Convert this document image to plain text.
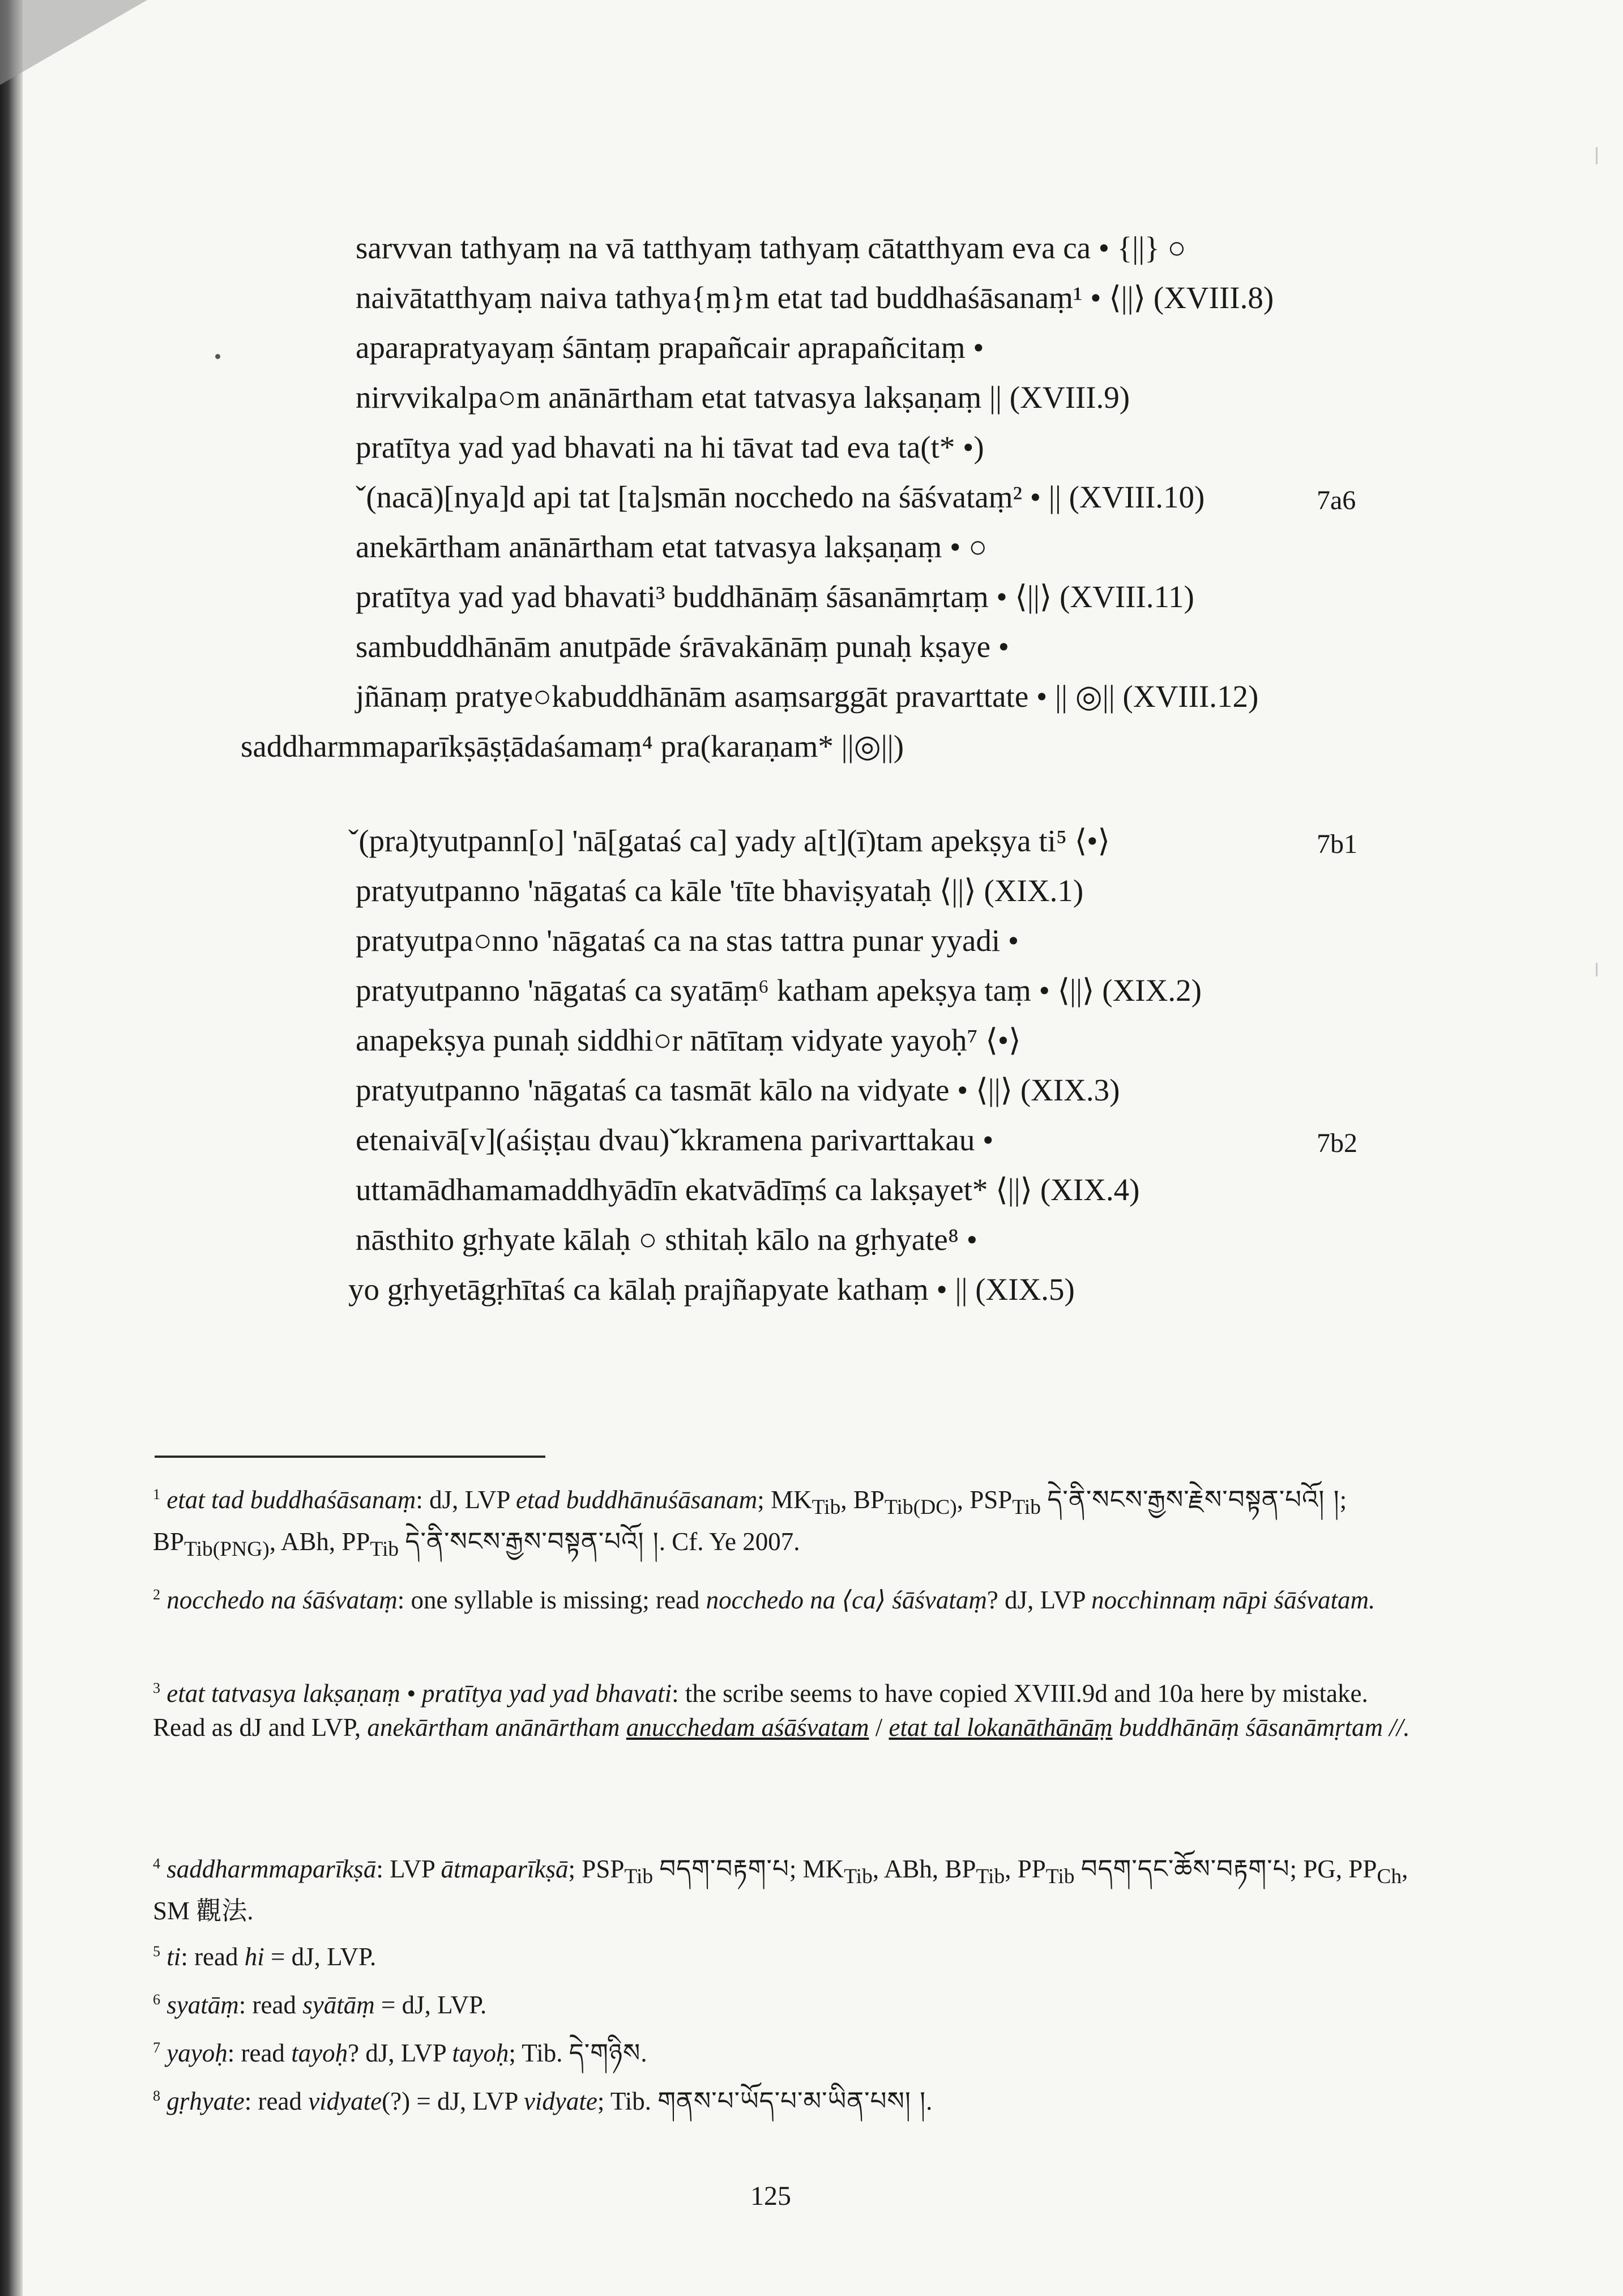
sarvvan tathyaṃ na vā tatthyaṃ tathyaṃ cātatthyam eva ca • {||} ○
naivātatthyaṃ naiva tathya{ṃ}m etat tad buddhaśāsanaṃ¹ • ⟨||⟩ (XVIII.8)
aparapratyayaṃ śāntaṃ prapañcair aprapañcitaṃ •
nirvvikalpa○m anānārtham etat tatvasya lakṣaṇaṃ || (XVIII.9)
pratītya yad yad bhavati na hi tāvat tad eva ta(t* •)
ˇ(nacā)[nya]d api tat [ta]smān nocchedo na śāśvataṃ² • || (XVIII.10)
anekārtham anānārtham etat tatvasya lakṣaṇaṃ • ○
pratītya yad yad bhavati³ buddhānāṃ śāsanāmṛtaṃ • ⟨||⟩ (XVIII.11)
sambuddhānām anutpāde śrāvakānāṃ punaḥ kṣaye •
jñānaṃ pratye○kabuddhānām asaṃsarggāt pravarttate • || ◎|| (XVIII.12)
saddharmmaparīkṣāṣṭādaśamaṃ⁴ pra(karaṇam* ||◎||)
ˇ(pra)tyutpann[o] 'nā[gataś ca] yady a[t](ī)tam apekṣya ti⁵ ⟨•⟩
pratyutpanno 'nāgataś ca kāle 'tīte bhaviṣyataḥ ⟨||⟩ (XIX.1)
pratyutpa○nno 'nāgataś ca na stas tattra punar yyadi •
pratyutpanno 'nāgataś ca syatāṃ⁶ katham apekṣya taṃ • ⟨||⟩ (XIX.2)
anapekṣya punaḥ siddhi○r nātītaṃ vidyate yayoḥ⁷ ⟨•⟩
pratyutpanno 'nāgataś ca tasmāt kālo na vidyate • ⟨||⟩ (XIX.3)
etenaivā[v](aśiṣṭau dvau)ˇkkramena parivarttakau •
uttamādhamamaddhyādīn ekatvādīṃś ca lakṣayet* ⟨||⟩ (XIX.4)
nāsthito gṛhyate kālaḥ ○ sthitaḥ kālo na gṛhyate⁸ •
yo gṛhyetāgṛhītaś ca kālaḥ prajñapyate kathaṃ • || (XIX.5)
7a6
7b1
7b2
$^1$ etat tad buddhaśāsanaṃ: dJ, LVP etad buddhānuśāsanam; $MK_{Tib}$, $BP_{Tib(DC)}$, $PSP_{Tib}$ དེ་ནི་སངས་རྒྱས་རྗེས་བསྟན་པའོ། །; $BP_{Tib(PNG)}$, ABh, $PP_{Tib}$ དེ་ནི་སངས་རྒྱས་བསྟན་པའོ། །. Cf. Ye 2007.
$^2$ nocchedo na śāśvataṃ: one syllable is missing; read nocchedo na ⟨ca⟩ śāśvataṃ? dJ, LVP nocchinnaṃ nāpi śāśvatam.
$^3$ etat tatvasya lakṣaṇaṃ • pratītya yad yad bhavati: the scribe seems to have copied XVIII.9d and 10a here by mistake. Read as dJ and LVP, anekārtham anānārtham anucchedam aśāśvatam / etat tal lokanāthānāṃ buddhānāṃ śāsanāmṛtam //.
$^4$ saddharmmaparīkṣā: LVP ātmaparīkṣā; $PSP_{Tib}$ བདག་བརྟག་པ; $MK_{Tib}$, ABh, $BP_{Tib}$, $PP_{Tib}$ བདག་དང་ཆོས་བརྟག་པ; PG, $PP_{Ch}$, SM 觀法.
$^5$ ti: read hi = dJ, LVP.
$^6$ syatāṃ: read syātāṃ = dJ, LVP.
$^7$ yayoḥ: read tayoḥ? dJ, LVP tayoḥ; Tib. དེ་གཉིས.
$^8$ gṛhyate: read vidyate(?) = dJ, LVP vidyate; Tib. གནས་པ་ཡོད་པ་མ་ཡིན་པས། །.
125
